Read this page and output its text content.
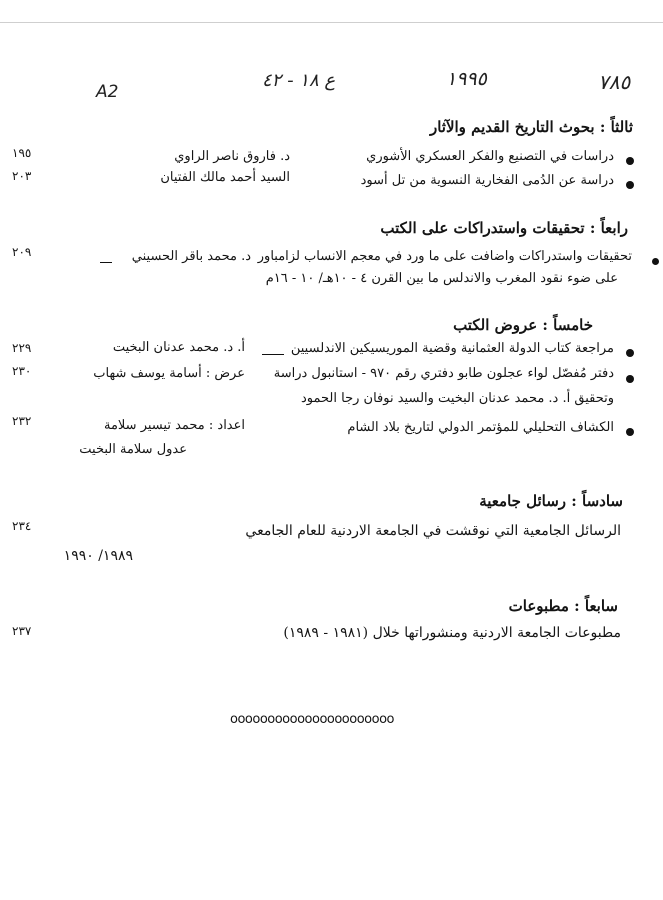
٧٨٥
١٩٩٥
ع ١٨ - ٤٢
A2
ثالثاً : بحوث التاريخ القديم والآثار
دراسات في التصنيع والفكر العسكري الأشوري
د. فاروق ناصر الراوي
١٩٥
دراسة عن الدُمى الفخارية النسوية من تل أسود
السيد أحمد مالك الفتيان
٢٠٣
رابعاً : تحقيقات واستدراكات على الكتب
تحقيقات واستدراكات واضافت على ما ورد في معجم الانساب لزامباور
د. محمد باقر الحسيني
٢٠٩
على ضوء نقود المغرب والاندلس ما بين القرن ٤ - ١٠هـ/ ١٠ - ١٦م
خامساً : عروض الكتب
مراجعة كتاب الدولة العثمانية وقضية الموريسيكين الاندلسيين
أ. د. محمد عدنان البخيت
٢٢٩
دفتر مُفصّل لواء عجلون طابو دفتري رقم ٩٧٠ - استانبول دراسة
عرض : أسامة يوسف شهاب
٢٣٠
وتحقيق أ. د. محمد عدنان البخيت والسيد نوفان رجا الحمود
الكشاف التحليلي للمؤتمر الدولي لتاريخ بلاد الشام
اعداد : محمد تيسير سلامة
عدول سلامة البخيت
٢٣٢
سادساً : رسائل جامعية
الرسائل الجامعية التي نوقشت في الجامعة الاردنية للعام الجامعي
٢٣٤
١٩٨٩/ ١٩٩٠
سابعاً : مطبوعات
مطبوعات الجامعة الاردنية ومنشوراتها خلال (١٩٨١ - ١٩٨٩)
٢٣٧
oooooooooooooooooooooo
